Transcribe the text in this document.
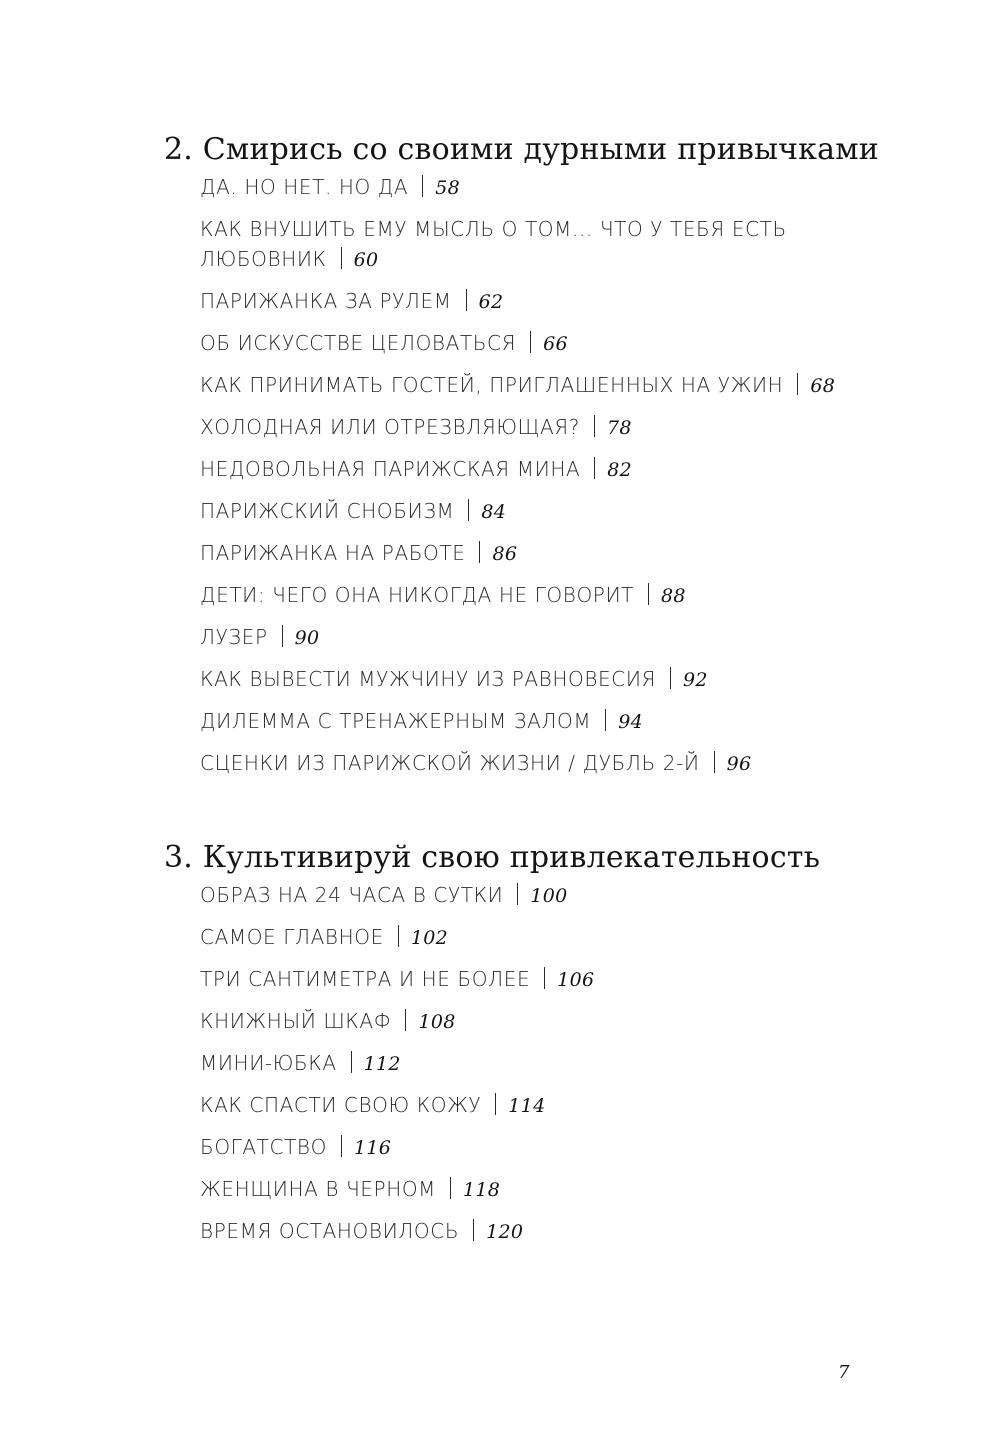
2. Смирись со своими дурными привычками
ДА. НО НЕТ. НО ДА 58
КАК ВНУШИТЬ ЕМУ МЫСЛЬ О ТОМ... ЧТО У ТЕБЯ ЕСТЬ ЛЮБОВНИК 60
ПАРИЖАНКА ЗА РУЛЕМ 62
ОБ ИСКУССТВЕ ЦЕЛОВАТЬСЯ 66
КАК ПРИНИМАТЬ ГОСТЕЙ, ПРИГЛАШЕННЫХ НА УЖИН 68
ХОЛОДНАЯ ИЛИ ОТРЕЗВЛЯЮЩАЯ? 78
НЕДОВОЛЬНАЯ ПАРИЖСКАЯ МИНА 82
ПАРИЖСКИЙ СНОБИЗМ 84
ПАРИЖАНКА НА РАБОТЕ 86
ДЕТИ: ЧЕГО ОНА НИКОГДА НЕ ГОВОРИТ 88
ЛУЗЕР 90
КАК ВЫВЕСТИ МУЖЧИНУ ИЗ РАВНОВЕСИЯ 92
ДИЛЕММА С ТРЕНАЖЕРНЫМ ЗАЛОМ 94
СЦЕНКИ ИЗ ПАРИЖСКОЙ ЖИЗНИ / ДУБЛЬ 2-Й 96
3. Культивируй свою привлекательность
ОБРАЗ НА 24 ЧАСА В СУТКИ 100
САМОЕ ГЛАВНОЕ 102
ТРИ САНТИМЕТРА И НЕ БОЛЕЕ 106
КНИЖНЫЙ ШКАФ 108
МИНИ-ЮБКА 112
КАК СПАСТИ СВОЮ КОЖУ 114
БОГАТСТВО 116
ЖЕНЩИНА В ЧЕРНОМ 118
ВРЕМЯ ОСТАНОВИЛОСЬ 120
7
